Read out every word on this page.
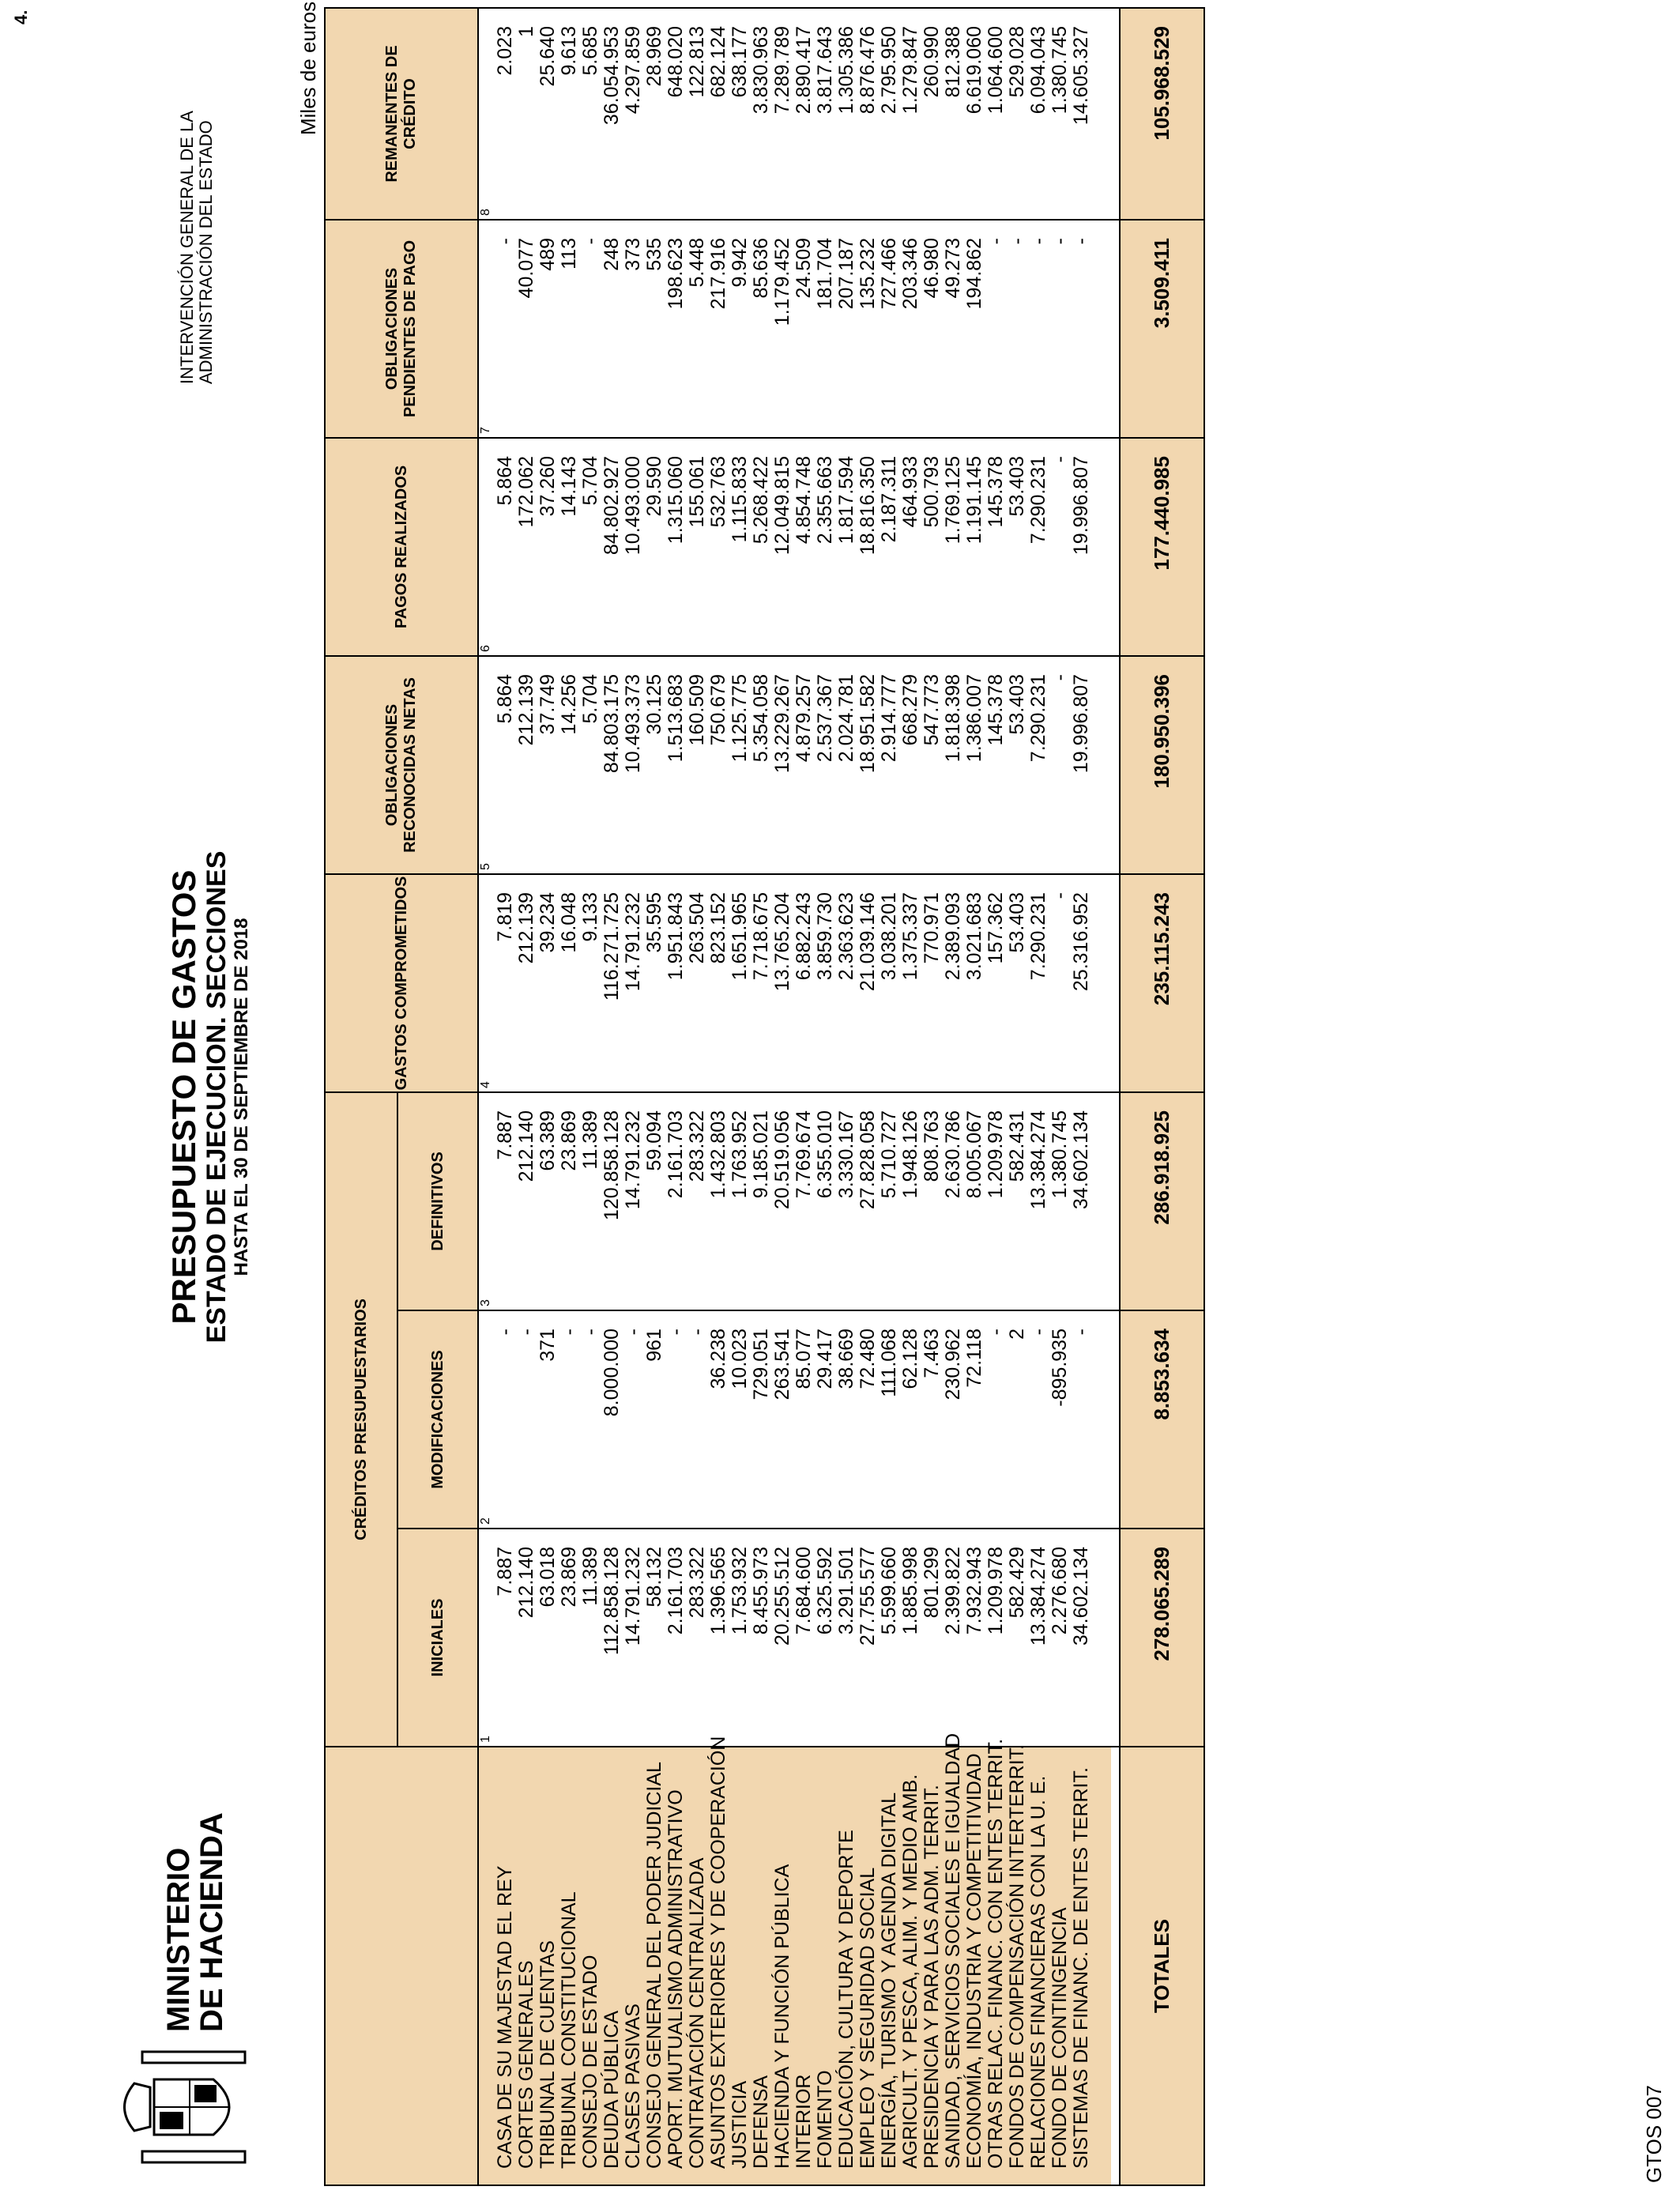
4.
GTOS 007
MINISTERIO
DE HACIENDA
PRESUPUESTO DE GASTOS ESTADO DE EJECUCION. SECCIONES HASTA EL 30 DE SEPTIEMBRE DE 2018
INTERVENCIÓN GENERAL DE LA ADMINISTRACIÓN DEL ESTADO
Miles de euros
	CRÉDITOS PRESUPUESTARIOS			GASTOS COMPROMETIDOS	OBLIGACIONES RECONOCIDAS NETAS	PAGOS REALIZADOS	OBLIGACIONES PENDIENTES DE PAGO	REMANENTES DE CRÉDITO
	INICIALES	MODIFICACIONES	DEFINITIVOS					
	1	2	3	4	5	6	7	8
CASA DE SU MAJESTAD EL REY	7.887	-	7.887	7.819	5.864	5.864	-	2.023
CORTES GENERALES	212.140	-	212.140	212.139	212.139	172.062	40.077	1
TRIBUNAL DE CUENTAS	63.018	371	63.389	39.234	37.749	37.260	489	25.640
TRIBUNAL CONSTITUCIONAL	23.869	-	23.869	16.048	14.256	14.143	113	9.613
CONSEJO DE ESTADO	11.389	-	11.389	9.133	5.704	5.704	-	5.685
DEUDA PÚBLICA	112.858.128	8.000.000	120.858.128	116.271.725	84.803.175	84.802.927	248	36.054.953
CLASES PASIVAS	14.791.232	-	14.791.232	14.791.232	10.493.373	10.493.000	373	4.297.859
CONSEJO GENERAL DEL PODER JUDICIAL	58.132	961	59.094	35.595	30.125	29.590	535	28.969
APORT. MUTUALISMO ADMINISTRATIVO	2.161.703	-	2.161.703	1.951.843	1.513.683	1.315.060	198.623	648.020
CONTRATACIÓN CENTRALIZADA	283.322	-	283.322	263.504	160.509	155.061	5.448	122.813
ASUNTOS EXTERIORES Y DE COOPERACIÓN	1.396.565	36.238	1.432.803	823.152	750.679	532.763	217.916	682.124
JUSTICIA	1.753.932	10.023	1.763.952	1.651.965	1.125.775	1.115.833	9.942	638.177
DEFENSA	8.455.973	729.051	9.185.021	7.718.675	5.354.058	5.268.422	85.636	3.830.963
HACIENDA Y FUNCIÓN PÚBLICA	20.255.512	263.541	20.519.056	13.765.204	13.229.267	12.049.815	1.179.452	7.289.789
INTERIOR	7.684.600	85.077	7.769.674	6.882.243	4.879.257	4.854.748	24.509	2.890.417
FOMENTO	6.325.592	29.417	6.355.010	3.859.730	2.537.367	2.355.663	181.704	3.817.643
EDUCACIÓN, CULTURA Y DEPORTE	3.291.501	38.669	3.330.167	2.363.623	2.024.781	1.817.594	207.187	1.305.386
EMPLEO Y SEGURIDAD SOCIAL	27.755.577	72.480	27.828.058	21.039.146	18.951.582	18.816.350	135.232	8.876.476
ENERGÍA, TURISMO Y AGENDA DIGITAL	5.599.660	111.068	5.710.727	3.038.201	2.914.777	2.187.311	727.466	2.795.950
AGRICULT. Y PESCA, ALIM. Y MEDIO AMB.	1.885.998	62.128	1.948.126	1.375.337	668.279	464.933	203.346	1.279.847
PRESIDENCIA Y PARA LAS ADM. TERRIT.	801.299	7.463	808.763	770.971	547.773	500.793	46.980	260.990
SANIDAD, SERVICIOS SOCIALES E IGUALDAD	2.399.822	230.962	2.630.786	2.389.093	1.818.398	1.769.125	49.273	812.388
ECONOMÍA, INDUSTRIA Y COMPETITIVIDAD	7.932.943	72.118	8.005.067	3.021.683	1.386.007	1.191.145	194.862	6.619.060
OTRAS RELAC. FINANC. CON ENTES TERRIT.	1.209.978	-	1.209.978	157.362	145.378	145.378	-	1.064.600
FONDOS DE COMPENSACIÓN INTERTERRIT.	582.429	2	582.431	53.403	53.403	53.403	-	529.028
RELACIONES FINANCIERAS CON LA U. E.	13.384.274	-	13.384.274	7.290.231	7.290.231	7.290.231	-	6.094.043
FONDO DE CONTINGENCIA	2.276.680	-895.935	1.380.745	-	-	-	-	1.380.745
SISTEMAS DE FINANC. DE ENTES TERRIT.	34.602.134	-	34.602.134	25.316.952	19.996.807	19.996.807	-	14.605.327

TOTALES	278.065.289	8.853.634	286.918.925	235.115.243	180.950.396	177.440.985	3.509.411	105.968.529
